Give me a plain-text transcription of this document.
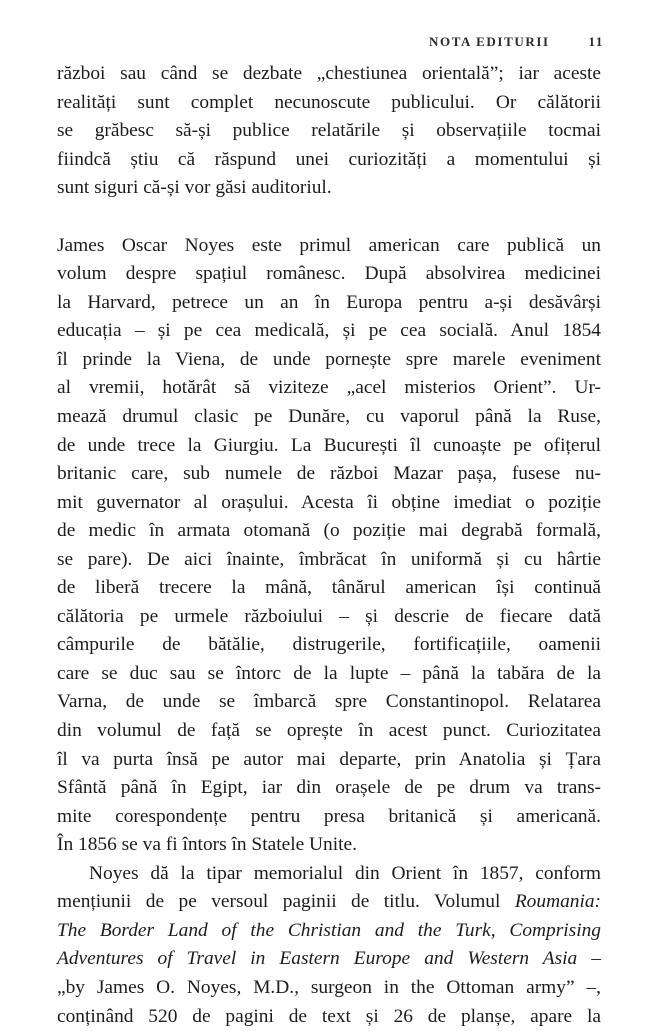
NOTA EDITURII	11
război sau când se dezbate „chestiunea orientală”; iar aceste
realități sunt complet necunoscute publicului. Or călătorii
se grăbesc să-și publice relatările și observațiile tocmai
fiindcă știu că răspund unei curiozități a momentului și
sunt siguri că-și vor găsi auditoriul.
James Oscar Noyes este primul american care publică un
volum despre spațiul românesc. După absolvirea medicinei
la Harvard, petrece un an în Europa pentru a-și desăvârși
educația – și pe cea medicală, și pe cea socială. Anul 1854
îl prinde la Viena, de unde pornește spre marele eveniment
al vremii, hotărât să viziteze „acel misterios Orient”. Ur-
mează drumul clasic pe Dunăre, cu vaporul până la Ruse,
de unde trece la Giurgiu. La București îl cunoaște pe ofițerul
britanic care, sub numele de război Mazar pașa, fusese nu-
mit guvernator al orașului. Acesta îi obține imediat o poziție
de medic în armata otomană (o poziție mai degrabă formală,
se pare). De aici înainte, îmbrăcat în uniformă și cu hârtie
de liberă trecere la mână, tânărul american își continuă
călătoria pe urmele războiului – și descrie de fiecare dată
câmpurile de bătălie, distrugerile, fortificațiile, oamenii
care se duc sau se întorc de la lupte – până la tabăra de la
Varna, de unde se îmbarcă spre Constantinopol. Relatarea
din volumul de față se oprește în acest punct. Curiozitatea
îl va purta însă pe autor mai departe, prin Anatolia și Țara
Sfântă până în Egipt, iar din orașele de pe drum va trans-
mite corespondențe pentru presa britanică și americană.
În 1856 se va fi întors în Statele Unite.
Noyes dă la tipar memorialul din Orient în 1857, conform
mențiunii de pe versoul paginii de titlu. Volumul Roumania:
The Border Land of the Christian and the Turk, Comprising
Adventures of Travel in Eastern Europe and Western Asia –
„by James O. Noyes, M.D., surgeon in the Ottoman army” –,
conținând 520 de pagini de text și 26 de planșe, apare la
